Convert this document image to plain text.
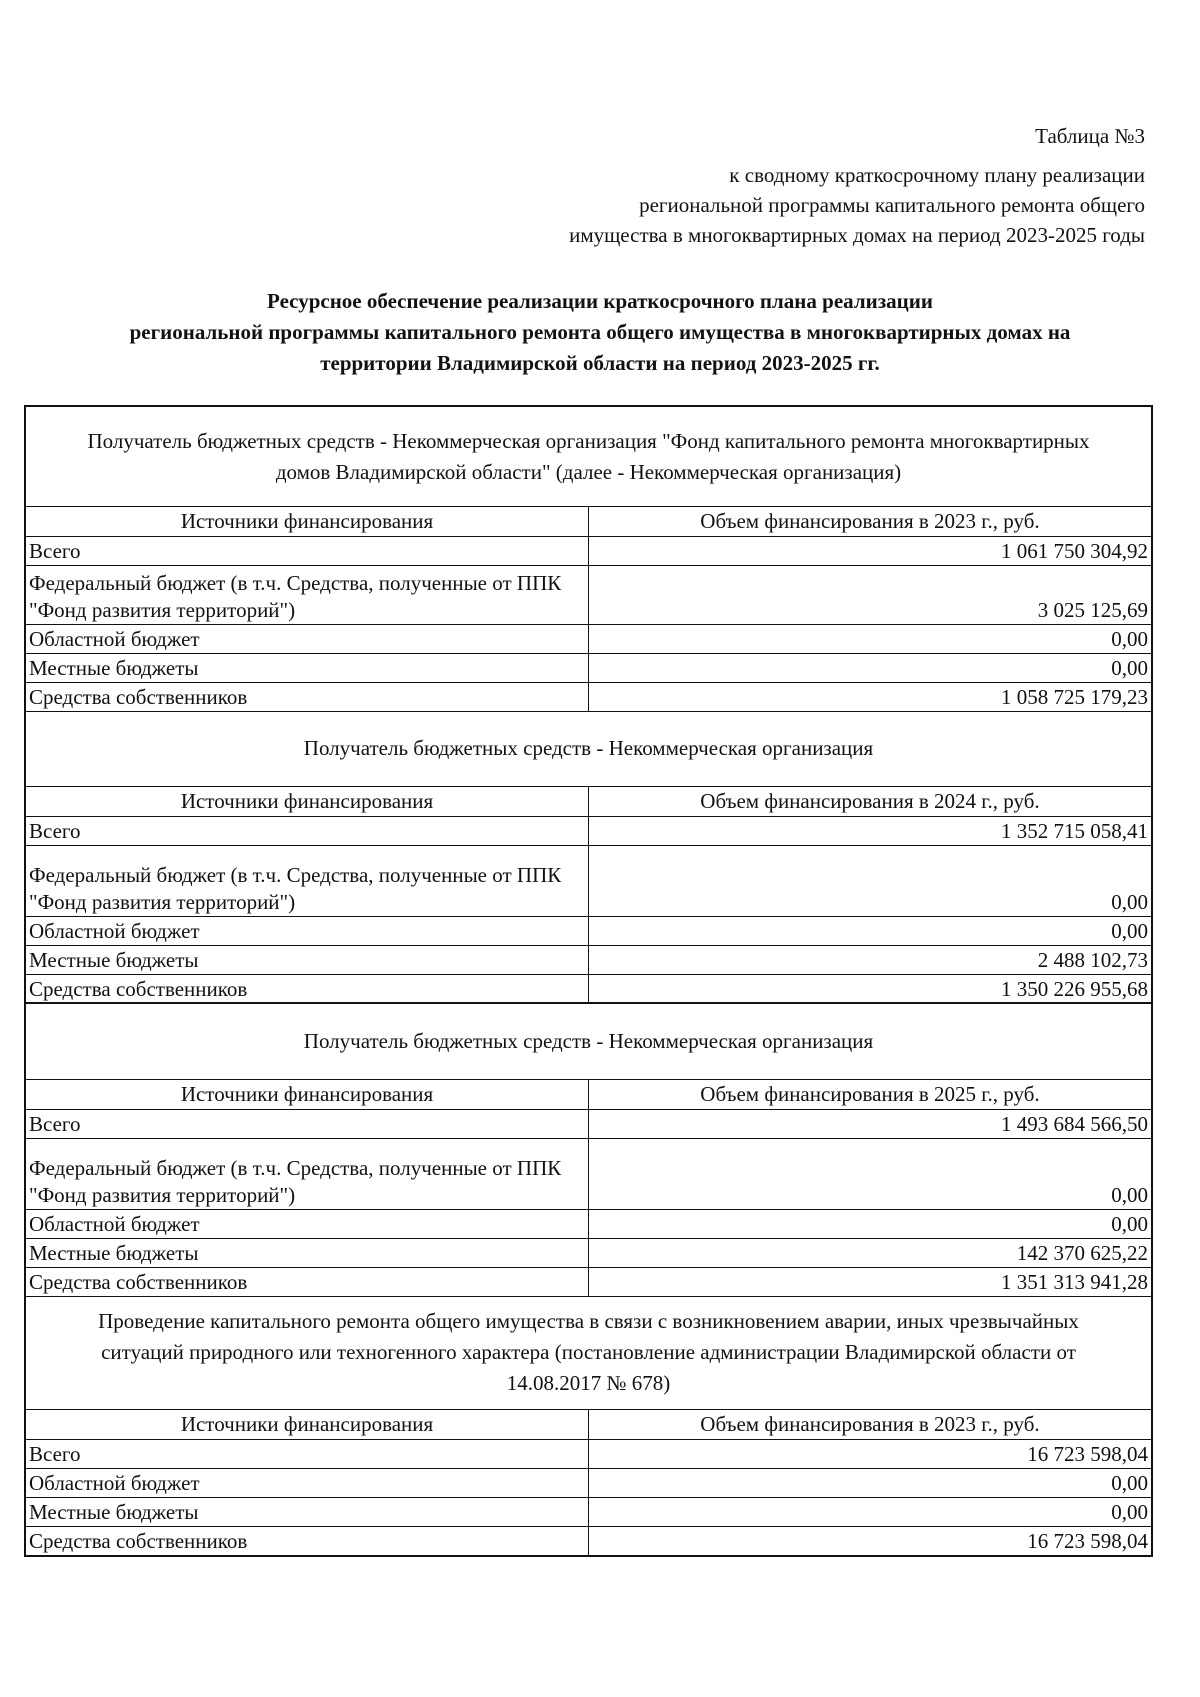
Таблица №3
к сводному краткосрочному плану реализации
региональной программы капитального ремонта общего
имущества в многоквартирных домах на период 2023-2025 годы
Ресурсное обеспечение реализации краткосрочного плана реализации
региональной программы капитального ремонта общего имущества в многоквартирных домах на
территории Владимирской области на период 2023-2025 гг.
Получатель бюджетных средств - Некоммерческая организация "Фонд капитального ремонта многоквартирных домов Владимирской области" (далее - Некоммерческая организация)	
Источники финансирования	Объем финансирования в 2023 г., руб.
Всего	1 061 750 304,92
Федеральный бюджет (в т.ч. Средства, полученные от ППК "Фонд развития территорий")	3 025 125,69
Областной бюджет	0,00
Местные бюджеты	0,00
Средства собственников	1 058 725 179,23
Получатель бюджетных средств - Некоммерческая организация	
Источники финансирования	Объем финансирования в 2024 г., руб.
Всего	1 352 715 058,41
Федеральный бюджет (в т.ч. Средства, полученные от ППК "Фонд развития территорий")	0,00
Областной бюджет	0,00
Местные бюджеты	2 488 102,73
Средства собственников	1 350 226 955,68
Получатель бюджетных средств - Некоммерческая организация	
Источники финансирования	Объем финансирования в 2025 г., руб.
Всего	1 493 684 566,50
Федеральный бюджет (в т.ч. Средства, полученные от ППК "Фонд развития территорий")	0,00
Областной бюджет	0,00
Местные бюджеты	142 370 625,22
Средства собственников	1 351 313 941,28
Проведение капитального ремонта общего имущества в связи с возникновением аварии, иных чрезвычайных ситуаций природного или техногенного характера (постановление администрации Владимирской области от 14.08.2017 № 678)	
Источники финансирования	Объем финансирования в 2023 г., руб.
Всего	16 723 598,04
Областной бюджет	0,00
Местные бюджеты	0,00
Средства собственников	16 723 598,04
